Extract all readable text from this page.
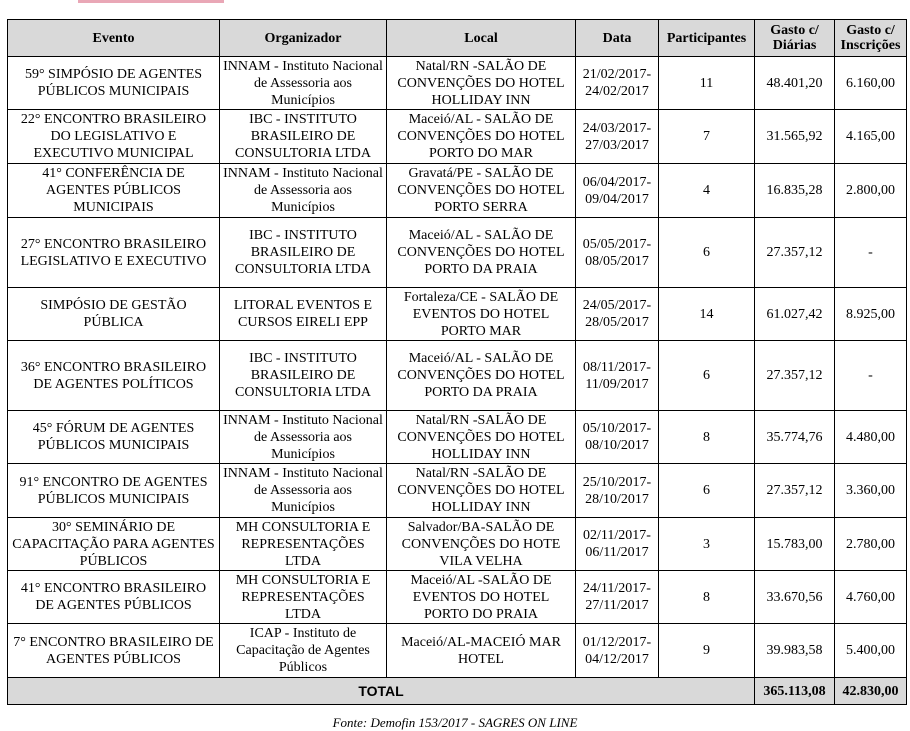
Evento	Organizador	Local	Data	Participantes	Gasto c/ Diárias	Gasto c/ Inscrições
59° SIMPÓSIO DE AGENTES PÚBLICOS MUNICIPAIS	INNAM - Instituto Nacional de Assessoria aos Municípios	Natal/RN -SALÃO DE CONVENÇÕES DO HOTEL HOLLIDAY INN	21/02/2017-24/02/2017	11	48.401,20	6.160,00
22° ENCONTRO BRASILEIRO DO LEGISLATIVO E EXECUTIVO MUNICIPAL	IBC - INSTITUTO BRASILEIRO DE CONSULTORIA LTDA	Maceió/AL - SALÃO DE CONVENÇÕES DO HOTEL PORTO DO MAR	24/03/2017-27/03/2017	7	31.565,92	4.165,00
41° CONFERÊNCIA DE AGENTES PÚBLICOS MUNICIPAIS	INNAM - Instituto Nacional de Assessoria aos Municípios	Gravatá/PE - SALÃO DE CONVENÇÕES DO HOTEL PORTO SERRA	06/04/2017-09/04/2017	4	16.835,28	2.800,00
27° ENCONTRO BRASILEIRO LEGISLATIVO E EXECUTIVO	IBC - INSTITUTO BRASILEIRO DE CONSULTORIA LTDA	Maceió/AL - SALÃO DE CONVENÇÕES DO HOTEL PORTO DA PRAIA	05/05/2017-08/05/2017	6	27.357,12	-
SIMPÓSIO DE GESTÃO PÚBLICA	LITORAL EVENTOS E CURSOS EIRELI EPP	Fortaleza/CE - SALÃO DE EVENTOS DO HOTEL PORTO MAR	24/05/2017-28/05/2017	14	61.027,42	8.925,00
36° ENCONTRO BRASILEIRO DE AGENTES POLÍTICOS	IBC - INSTITUTO BRASILEIRO DE CONSULTORIA LTDA	Maceió/AL - SALÃO DE CONVENÇÕES DO HOTEL PORTO DA PRAIA	08/11/2017-11/09/2017	6	27.357,12	-
45° FÓRUM DE AGENTES PÚBLICOS MUNICIPAIS	INNAM - Instituto Nacional de Assessoria aos Municípios	Natal/RN -SALÃO DE CONVENÇÕES DO HOTEL HOLLIDAY INN	05/10/2017-08/10/2017	8	35.774,76	4.480,00
91° ENCONTRO DE AGENTES PÚBLICOS MUNICIPAIS	INNAM - Instituto Nacional de Assessoria aos Municípios	Natal/RN -SALÃO DE CONVENÇÕES DO HOTEL HOLLIDAY INN	25/10/2017-28/10/2017	6	27.357,12	3.360,00
30° SEMINÁRIO DE CAPACITAÇÃO PARA AGENTES PÚBLICOS	MH CONSULTORIA E REPRESENTAÇÕES LTDA	Salvador/BA-SALÃO DE CONVENÇÕES DO HOTE VILA VELHA	02/11/2017-06/11/2017	3	15.783,00	2.780,00
41° ENCONTRO BRASILEIRO DE AGENTES PÚBLICOS	MH CONSULTORIA E REPRESENTAÇÕES LTDA	Maceió/AL -SALÃO DE EVENTOS DO HOTEL PORTO DO PRAIA	24/11/2017-27/11/2017	8	33.670,56	4.760,00
7° ENCONTRO BRASILEIRO DE AGENTES PÚBLICOS	ICAP - Instituto de Capacitação de Agentes Públicos	Maceió/AL-MACEIÓ MAR HOTEL	01/12/2017-04/12/2017	9	39.983,58	5.400,00
TOTAL					365.113,08	42.830,00
Fonte: Demofin 153/2017 - SAGRES ON LINE
